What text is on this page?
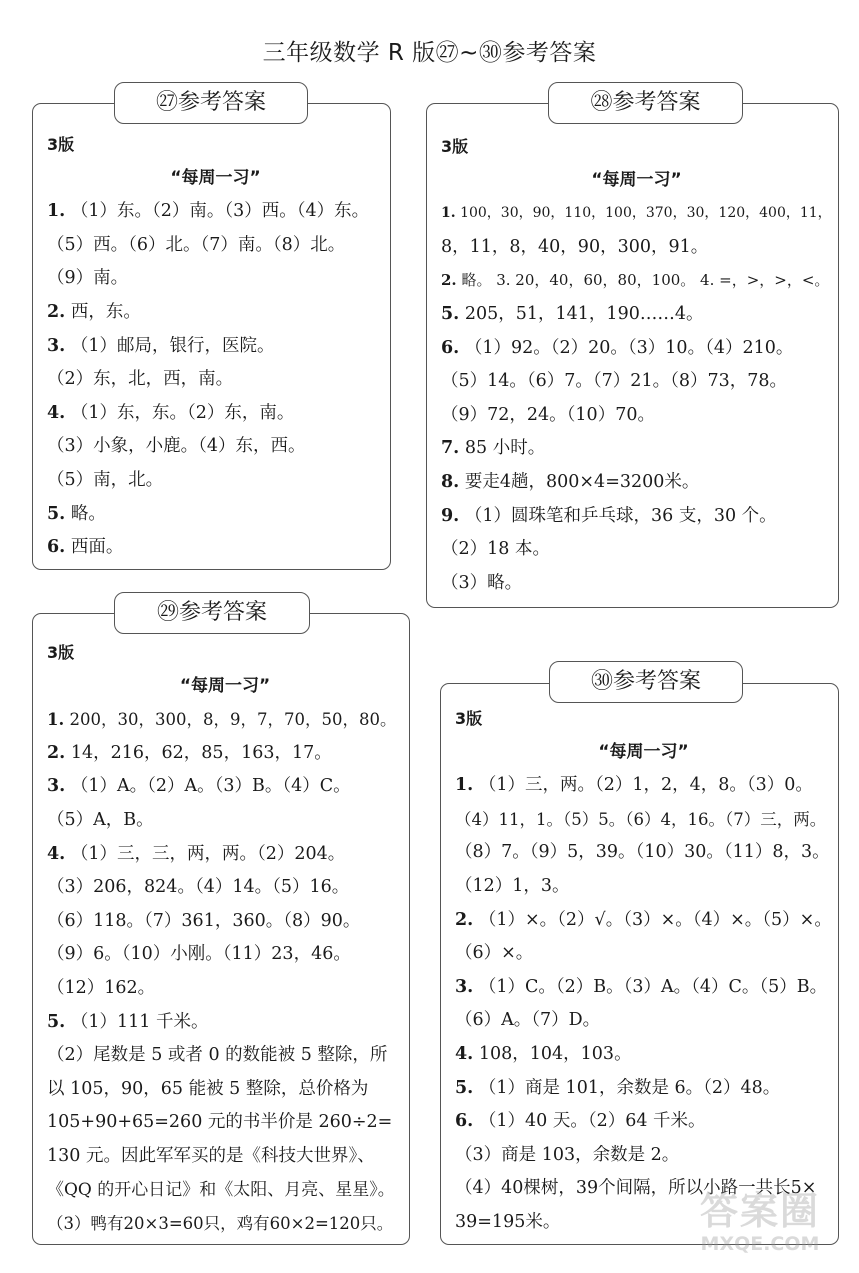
三年级数学 R 版㉗~㉚参考答案
3版
“每周一习”
1. （1）东。（2）南。（3）西。（4）东。
（5）西。（6）北。（7）南。（8）北。
（9）南。
2. 西，东。
3. （1）邮局，银行，医院。
（2）东，北，西，南。
4. （1）东，东。（2）东，南。
（3）小象，小鹿。（4）东，西。
（5）南，北。
5. 略。
6. 西面。
㉗参考答案
3版
“每周一习”
1. 100，30，90，110，100，370，30，120，400，11，
8，11，8，40，90，300，91。
2. 略。 3. 20，40，60，80，100。 4. =，>，>，<。
5. 205，51，141，190……4。
6. （1）92。（2）20。（3）10。（4）210。
（5）14。（6）7。（7）21。（8）73，78。
（9）72，24。（10）70。
7. 85 小时。
8. 要走4趟，800×4=3200米。
9. （1）圆珠笔和乒乓球，36 支，30 个。
（2）18 本。
（3）略。
㉘参考答案
3版
“每周一习”
1. 200，30，300，8，9，7，70，50，80。
2. 14，216，62，85，163，17。
3. （1）A。（2）A。（3）B。（4）C。
（5）A，B。
4. （1）三，三，两，两。（2）204。
（3）206，824。（4）14。（5）16。
（6）118。（7）361，360。（8）90。
（9）6。（10）小刚。（11）23，46。
（12）162。
5. （1）111 千米。
（2）尾数是 5 或者 0 的数能被 5 整除，所
以 105，90，65 能被 5 整除，总价格为
105+90+65=260 元的书半价是 260÷2=
130 元。因此军军买的是《科技大世界》、
《QQ 的开心日记》和《太阳、月亮、星星》。
（3）鸭有20×3=60只，鸡有60×2=120只。
㉙参考答案
3版
“每周一习”
1. （1）三，两。（2）1，2，4，8。（3）0。
（4）11，1。（5）5。（6）4，16。（7）三，两。
（8）7。（9）5，39。（10）30。（11）8，3。
（12）1，3。
2. （1）×。（2）√。（3）×。（4）×。（5）×。
（6）×。
3. （1）C。（2）B。（3）A。（4）C。（5）B。
（6）A。（7）D。
4. 108，104，103。
5. （1）商是 101，余数是 6。（2）48。
6. （1）40 天。（2）64 千米。
（3）商是 103，余数是 2。
（4）40棵树，39个间隔，所以小路一共长5×
39=195米。
㉚参考答案
答案圈
MXQE.COM
